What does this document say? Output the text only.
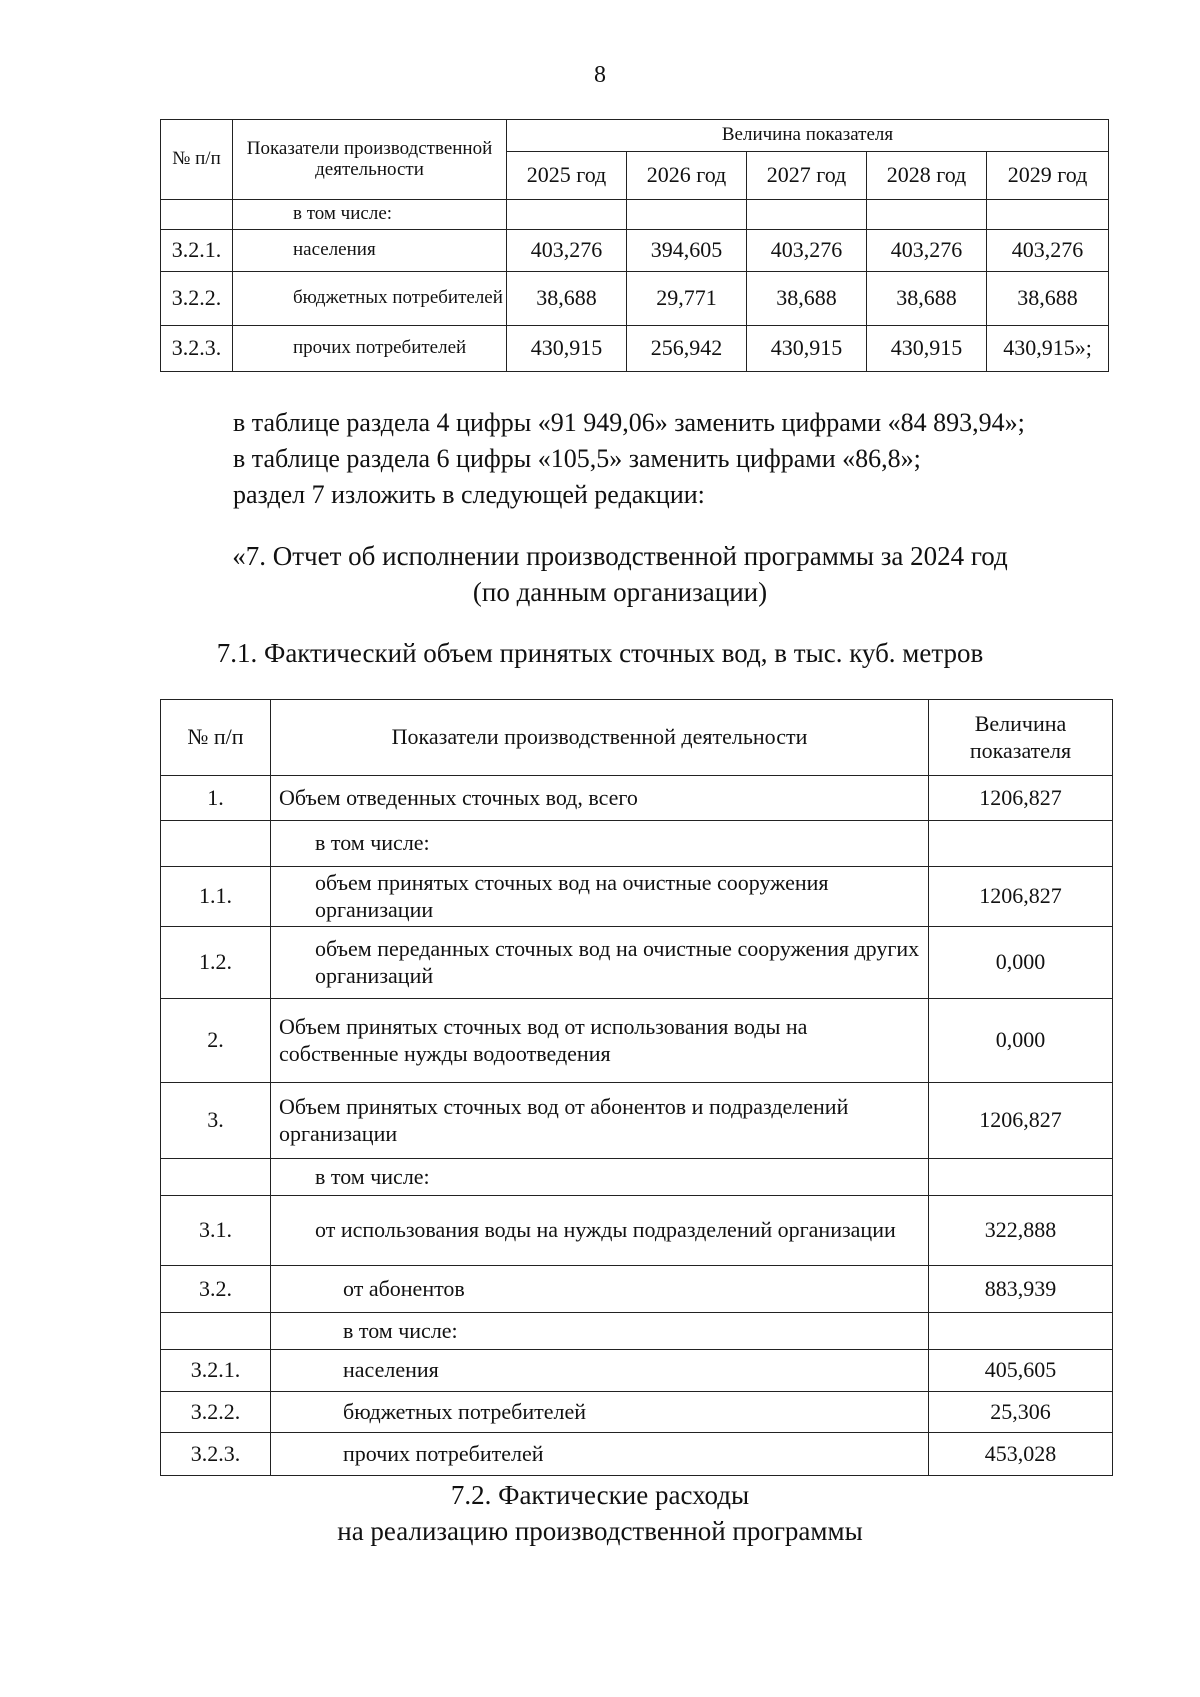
8
№ п/п	Показатели производственной деятельности	Величина показателя				
		2025 год	2026 год	2027 год	2028 год	2029 год
	в том числе:					
3.2.1.	населения	403,276	394,605	403,276	403,276	403,276
3.2.2.	бюджетных потребителей	38,688	29,771	38,688	38,688	38,688
3.2.3.	прочих потребителей	430,915	256,942	430,915	430,915	430,915»;
в таблице раздела 4 цифры «91 949,06» заменить цифрами «84 893,94»;
в таблице раздела 6 цифры «105,5» заменить цифрами «86,8»;
раздел 7 изложить в следующей редакции:
«7. Отчет об исполнении производственной программы за 2024 год
(по данным организации)
7.1. Фактический объем принятых сточных вод, в тыс. куб. метров
№ п/п	Показатели производственной деятельности	Величина показателя
1.	Объем отведенных сточных вод, всего	1206,827
	в том числе:	
1.1.	объем принятых сточных вод на очистные сооружения организации	1206,827
1.2.	объем переданных сточных вод на очистные сооружения других организаций	0,000
2.	Объем принятых сточных вод от использования воды на собственные нужды водоотведения	0,000
3.	Объем принятых сточных вод от абонентов и подразделений организации	1206,827
	в том числе:	
3.1.	от использования воды на нужды подразделений организации	322,888
3.2.	от абонентов	883,939
	в том числе:	
3.2.1.	населения	405,605
3.2.2.	бюджетных потребителей	25,306
3.2.3.	прочих потребителей	453,028
7.2. Фактические расходы
на реализацию производственной программы
